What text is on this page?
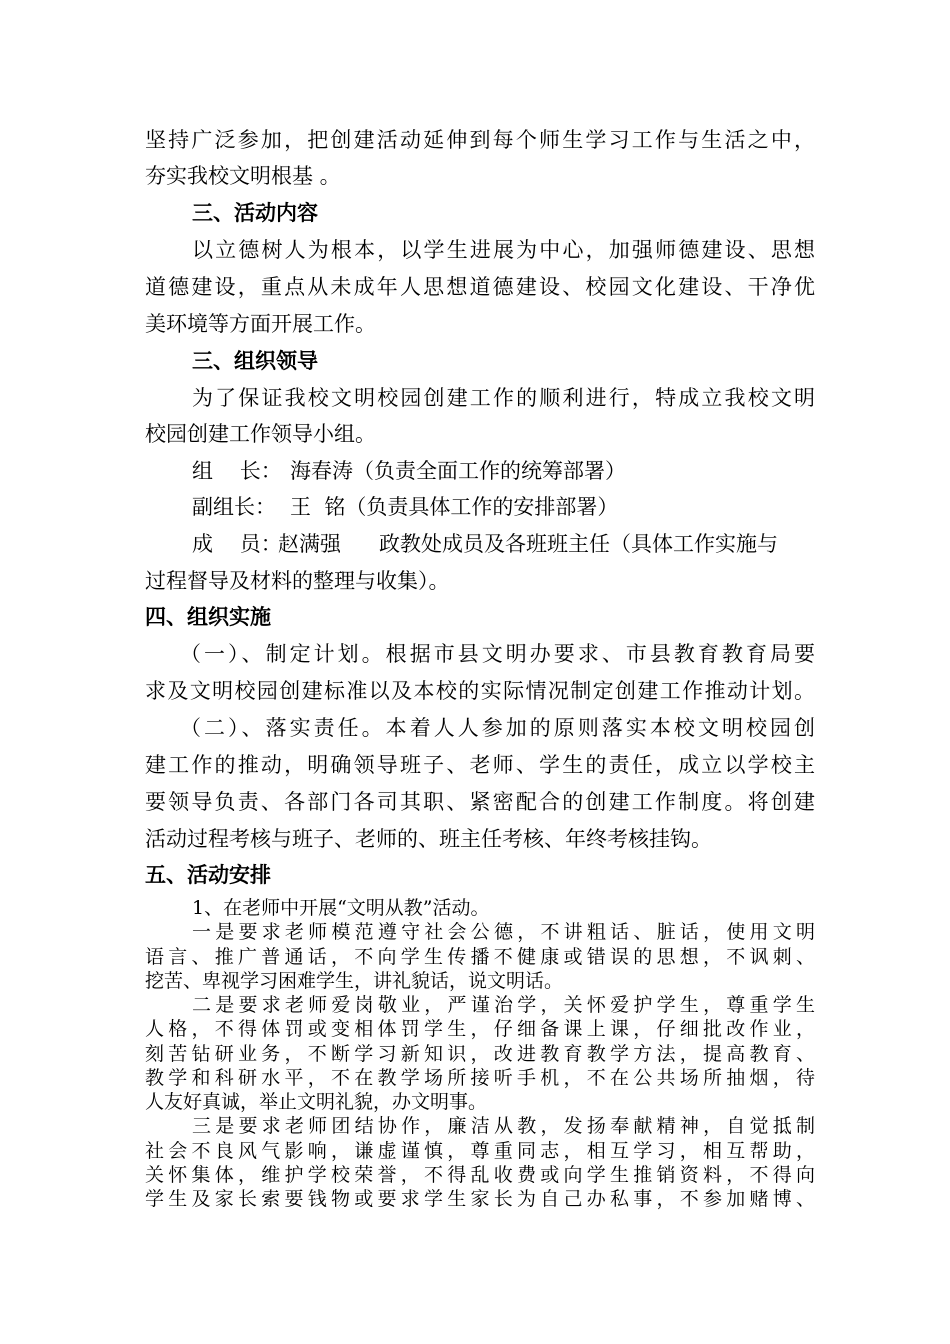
坚持广泛参加，把创建活动延伸到每个师生学习工作与生活之中，
夯实我校文明根基 。
三、活动内容
以立德树人为根本，以学生进展为中心，加强师德建设、思想
道德建设，重点从未成年人思想道德建设、校园文化建设、干净优
美环境等方面开展工作。
三、组织领导
为了保证我校文明校园创建工作的顺利进行，特成立我校文明
校园创建工作领导小组。
组    长： 海春涛（负责全面工作的统筹部署）
副组长： 王  铭（负责具体工作的安排部署）
成    员：赵满强 政教处成员及各班班主任（具体工作实施与
过程督导及材料的整理与收集）。
四、组织实施
（一）、制定计划。根据市县文明办要求、市县教育教育局要
求及文明校园创建标准以及本校的实际情况制定创建工作推动计划。
（二）、落实责任。本着人人参加的原则落实本校文明校园创
建工作的推动，明确领导班子、老师、学生的责任，成立以学校主
要领导负责、各部门各司其职、紧密配合的创建工作制度。将创建
活动过程考核与班子、老师的、班主任考核、年终考核挂钩。
五、活动安排
1、在老师中开展“文明从教”活动。
一是要求老师模范遵守社会公德，不讲粗话、脏话，使用文明
语言、推广普通话，不向学生传播不健康或错误的思想，不讽刺、
挖苦、卑视学习困难学生，讲礼貌话，说文明话。
二是要求老师爱岗敬业，严谨治学，关怀爱护学生，尊重学生
人格，不得体罚或变相体罚学生，仔细备课上课，仔细批改作业，
刻苦钻研业务，不断学习新知识，改进教育教学方法，提高教育、
教学和科研水平，不在教学场所接听手机，不在公共场所抽烟，待
人友好真诚，举止文明礼貌，办文明事。
三是要求老师团结协作，廉洁从教，发扬奉献精神，自觉抵制
社会不良风气影响，谦虚谨慎，尊重同志，相互学习，相互帮助，
关怀集体，维护学校荣誉，不得乱收费或向学生推销资料，不得向
学生及家长索要钱物或要求学生家长为自己办私事，不参加赌博、
